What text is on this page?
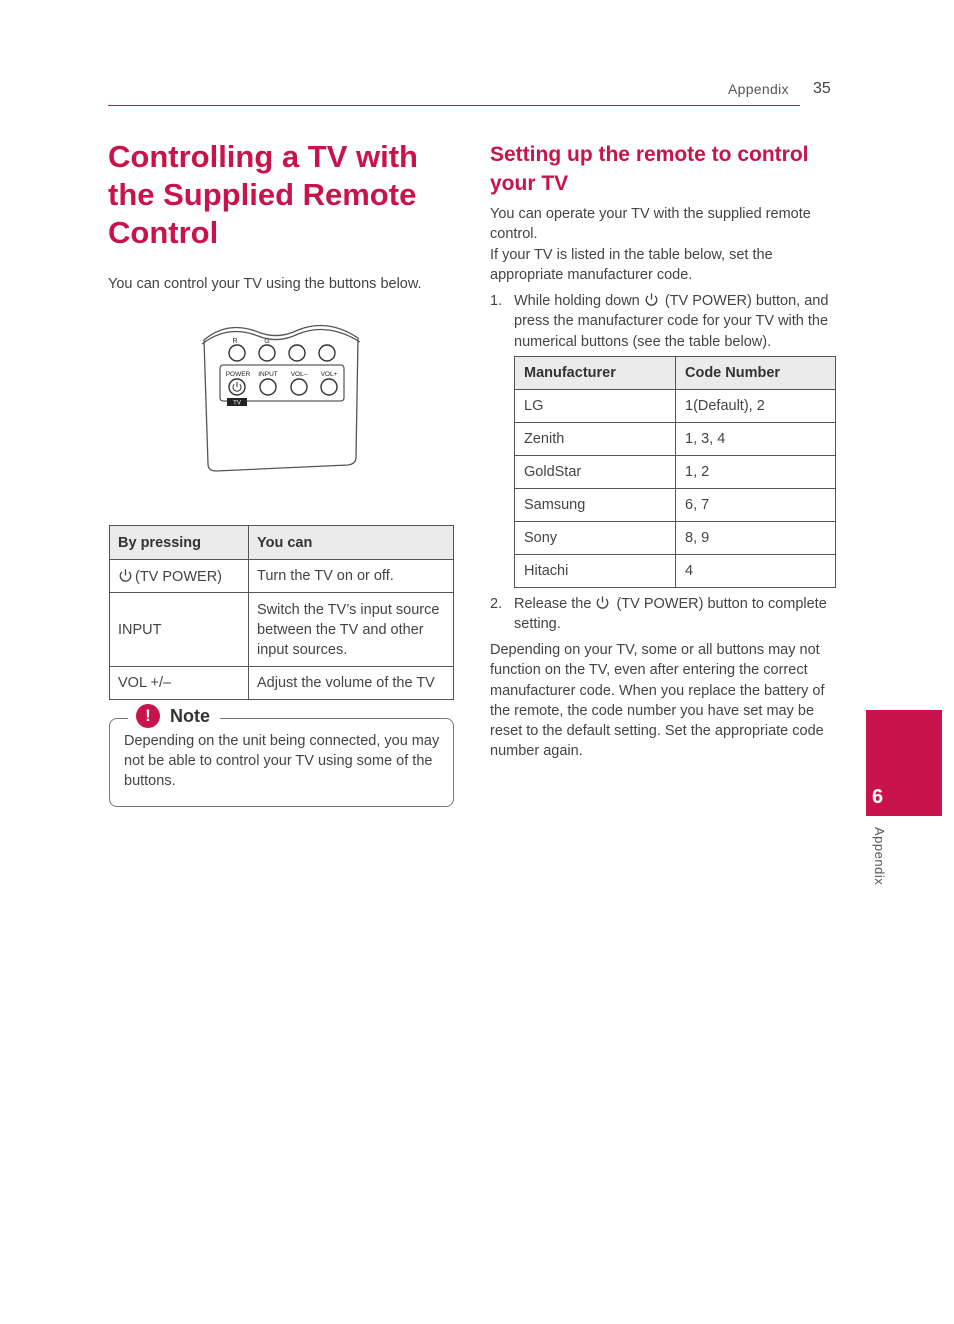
Appendix 35
Controlling a TV with the Supplied Remote Control

You can control your TV using the buttons below.

R	G
POWER INPUT VOL– VOL+
TV
By pressing	You can
(TV POWER)	Turn the TV on or off.
INPUT	Switch the TV’s input source between the TV and other input sources.
VOL +/–	Adjust the volume of the TV
!	Note

Depending on the unit being connected, you may not be able to control your TV using some of the buttons.

Setting up the remote to control your TV

You can operate your TV with the supplied remote control.

If your TV is listed in the table below, set the appropriate manufacturer code.

1. While holding down (TV POWER) button, and press the manufacturer code for your TV with the numerical buttons (see the table below).
Manufacturer	Code Number
LG	1(Default), 2
Zenith	1, 3, 4
GoldStar	1, 2
Samsung	6, 7
Sony	8, 9
Hitachi	4
2. Release the (TV POWER) button to complete setting.

Depending on your TV, some or all buttons may not function on the TV, even after entering the correct manufacturer code. When you replace the battery of the remote, the code number you have set may be reset to the default setting. Set the appropriate code number again.

6
Appendix
